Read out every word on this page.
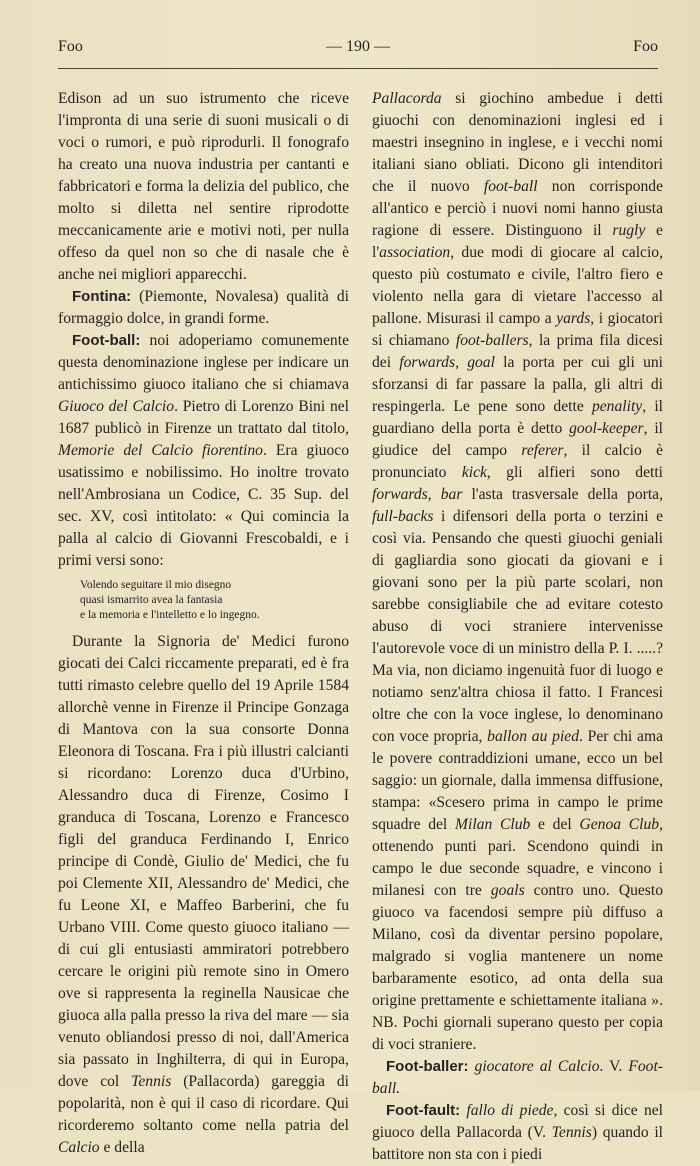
Foo	— 190 —	Foo

Edison ad un suo istrumento che riceve l'impronta di una serie di suoni musicali o di voci o rumori, e può riprodurli. Il fonografo ha creato una nuova industria per cantanti e fabbricatori e forma la delizia del publico, che molto si diletta nel sentire riprodotte meccanicamente arie e motivi noti, per nulla offeso da quel non so che di nasale che è anche nei migliori apparecchi.

Fontina: (Piemonte, Novalesa) qualità di formaggio dolce, in grandi forme.

Foot-ball: noi adoperiamo comunemente questa denominazione inglese per indicare un antichissimo giuoco italiano che si chiamava Giuoco del Calcio. Pietro di Lorenzo Bini nel 1687 publicò in Firenze un trattato dal titolo, Memorie del Calcio fiorentino. Era giuoco usatissimo e nobilissimo. Ho inoltre trovato nell'Ambrosiana un Codice, C. 35 Sup. del sec. XV, così intitolato: « Qui comincia la palla al calcio di Giovanni Frescobaldi, e i primi versi sono:

Volendo seguitare il mio disegno
quasi ismarrito avea la fantasia
e la memoria e l'intelletto e lo ingegno.

Durante la Signoria de' Medici furono giocati dei Calci riccamente preparati, ed è fra tutti rimasto celebre quello del 19 Aprile 1584 allorchè venne in Firenze il Principe Gonzaga di Mantova con la sua consorte Donna Eleonora di Toscana. Fra i più illustri calcianti si ricordano: Lorenzo duca d'Urbino, Alessandro duca di Firenze, Cosimo I granduca di Toscana, Lorenzo e Francesco figli del granduca Ferdinando I, Enrico principe di Condè, Giulio de' Medici, che fu poi Clemente XII, Alessandro de' Medici, che fu Leone XI, e Maffeo Barberini, che fu Urbano VIII. Come questo giuoco italiano — di cui gli entusiasti ammiratori potrebbero cercare le origini più remote sino in Omero ove si rappresenta la reginella Nausicae che giuoca alla palla presso la riva del mare — sia venuto obliandosi presso di noi, dall'America sia passato in Inghilterra, di qui in Europa, dove col Tennis (Pallacorda) gareggia di popolarità, non è qui il caso di ricordare. Qui ricorderemo soltanto come nella patria del Calcio e della

Pallacorda si giochino ambedue i detti giuochi con denominazioni inglesi ed i maestri insegnino in inglese, e i vecchi nomi italiani siano obliati. Dicono gli intenditori che il nuovo foot-ball non corrisponde all'antico e perciò i nuovi nomi hanno giusta ragione di essere. Distinguono il rugly e l'association, due modi di giocare al calcio, questo più costumato e civile, l'altro fiero e violento nella gara di vietare l'accesso al pallone. Misurasi il campo a yards, i giocatori si chiamano foot-ballers, la prima fila dicesi dei forwards, goal la porta per cui gli uni sforzansi di far passare la palla, gli altri di respingerla. Le pene sono dette penality, il guardiano della porta è detto gool-keeper, il giudice del campo referer, il calcio è pronunciato kick, gli alfieri sono detti forwards, bar l'asta trasversale della porta, full-backs i difensori della porta o terzini e così via. Pensando che questi giuochi geniali di gagliardia sono giocati da giovani e i giovani sono per la più parte scolari, non sarebbe consigliabile che ad evitare cotesto abuso di voci straniere intervenisse l'autorevole voce di un ministro della P. I. .....? Ma via, non diciamo ingenuità fuor di luogo e notiamo senz'altra chiosa il fatto. I Francesi oltre che con la voce inglese, lo denominano con voce propria, ballon au pied. Per chi ama le povere contraddizioni umane, ecco un bel saggio: un giornale, dalla immensa diffusione, stampa: «Scesero prima in campo le prime squadre del Milan Club e del Genoa Club, ottenendo punti pari. Scendono quindi in campo le due seconde squadre, e vincono i milanesi con tre goals contro uno. Questo giuoco va facendosi sempre più diffuso a Milano, così da diventar persino popolare, malgrado si voglia mantenere un nome barbaramente esotico, ad onta della sua origine prettamente e schiettamente italiana ». NB. Pochi giornali superano questo per copia di voci straniere.

Foot-baller: giocatore al Calcio. V. Foot-ball.

Foot-fault: fallo di piede, così si dice nel giuoco della Pallacorda (V. Tennis) quando il battitore non sta con i piedi
